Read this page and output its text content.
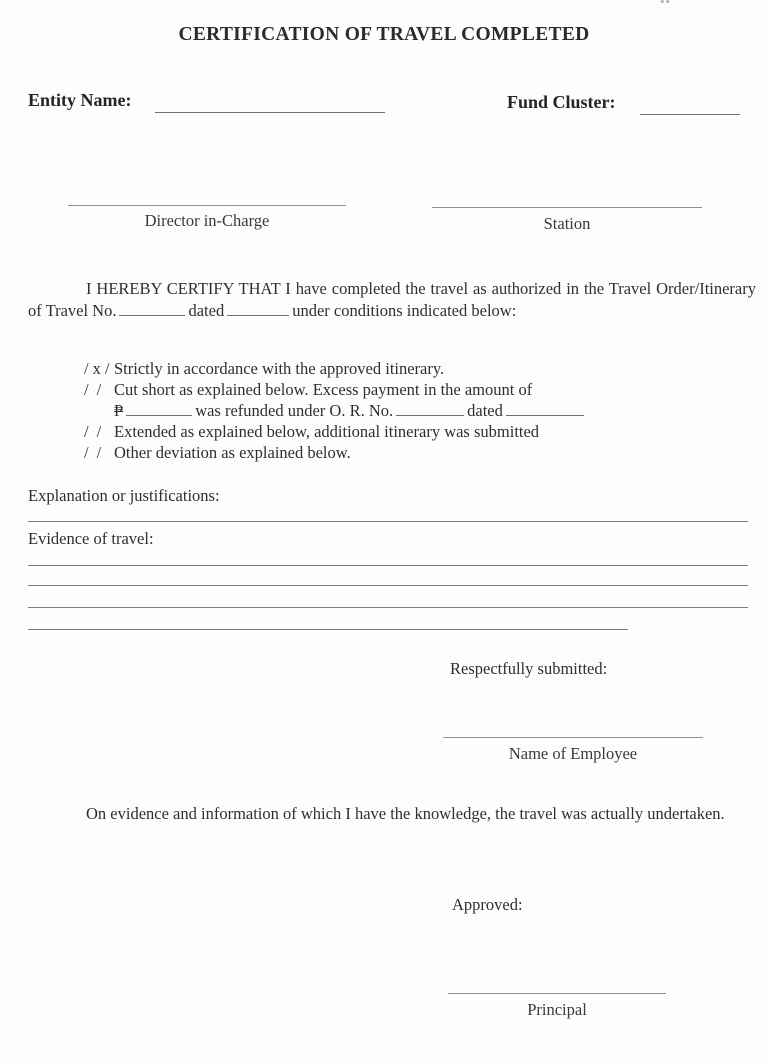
••
CERTIFICATION OF TRAVEL COMPLETED
Entity Name:	Fund Cluster:
Director in-Charge	Station
I HEREBY CERTIFY THAT I have completed the travel as authorized in the Travel Order/Itinerary of Travel No.	dated	under conditions indicated below:
/ x / Strictly in accordance with the approved itinerary.
/ / Cut short as explained below. Excess payment in the amount of
₱	was refunded under O. R. No.	dated
/ / Extended as explained below, additional itinerary was submitted
/ / Other deviation as explained below.
Explanation or justifications:
Evidence of travel:
Respectfully submitted:
Name of Employee
On evidence and information of which I have the knowledge, the travel was actually undertaken.
Approved:
Principal
